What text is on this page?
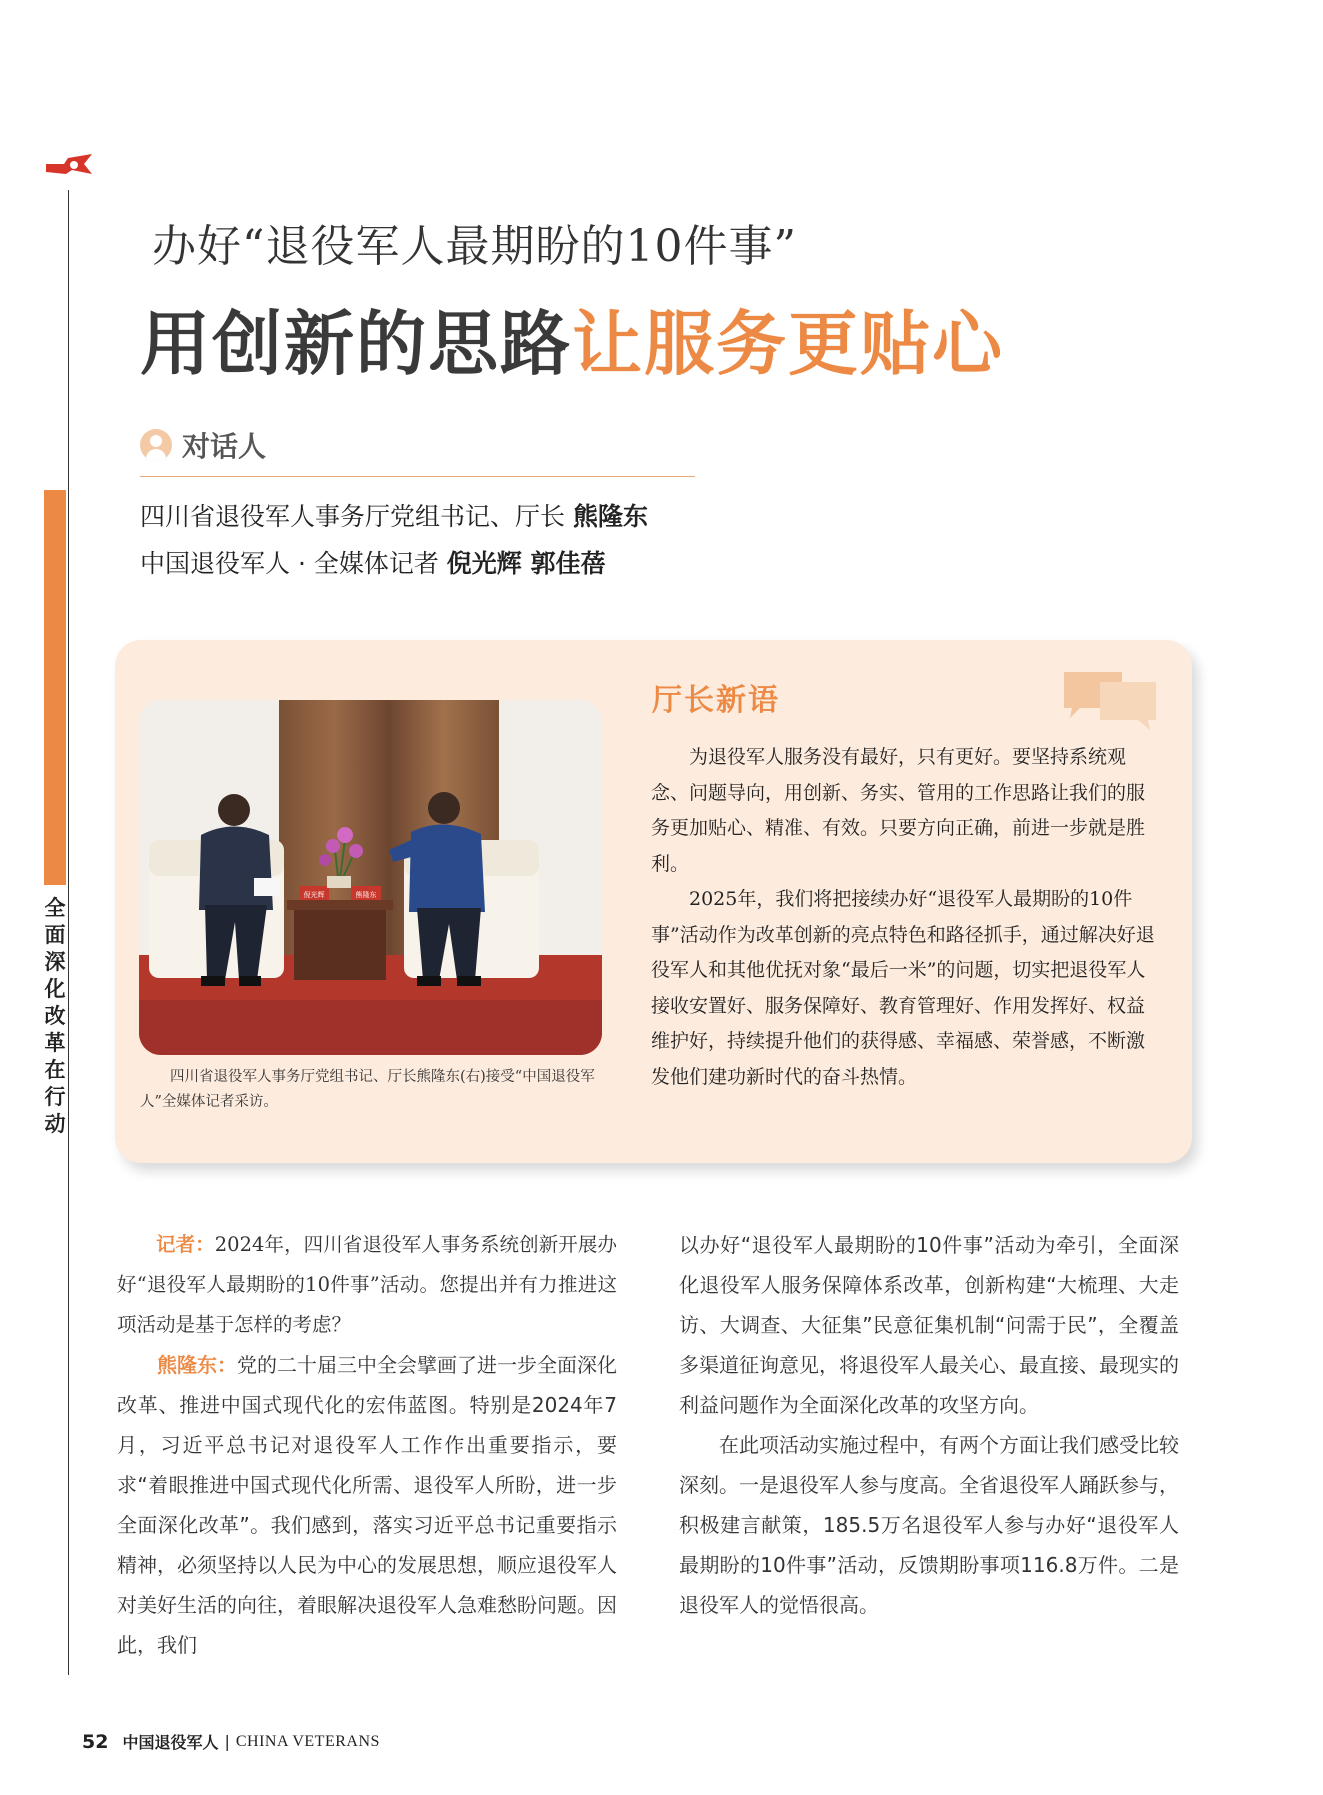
全面深化改革在行动
办好“退役军人最期盼的10件事”
用创新的思路让服务更贴心
对话人
四川省退役军人事务厅党组书记、厅长 熊隆东
中国退役军人 · 全媒体记者 倪光辉 郭佳蓓
倪光辉	熊隆东
四川省退役军人事务厅党组书记、厅长熊隆东(右)接受“中国退役军人”全媒体记者采访。
厅长新语

为退役军人服务没有最好，只有更好。要坚持系统观念、问题导向，用创新、务实、管用的工作思路让我们的服务更加贴心、精准、有效。只要方向正确，前进一步就是胜利。

2025年，我们将把接续办好“退役军人最期盼的10件事”活动作为改革创新的亮点特色和路径抓手，通过解决好退役军人和其他优抚对象“最后一米”的问题，切实把退役军人接收安置好、服务保障好、教育管理好、作用发挥好、权益维护好，持续提升他们的获得感、幸福感、荣誉感，不断激发他们建功新时代的奋斗热情。

记者：2024年，四川省退役军人事务系统创新开展办好“退役军人最期盼的10件事”活动。您提出并有力推进这项活动是基于怎样的考虑？

熊隆东：党的二十届三中全会擘画了进一步全面深化改革、推进中国式现代化的宏伟蓝图。特别是2024年7月，习近平总书记对退役军人工作作出重要指示，要求“着眼推进中国式现代化所需、退役军人所盼，进一步全面深化改革”。我们感到，落实习近平总书记重要指示精神，必须坚持以人民为中心的发展思想，顺应退役军人对美好生活的向往，着眼解决退役军人急难愁盼问题。因此，我们

以办好“退役军人最期盼的10件事”活动为牵引，全面深化退役军人服务保障体系改革，创新构建“大梳理、大走访、大调查、大征集”民意征集机制“问需于民”，全覆盖多渠道征询意见，将退役军人最关心、最直接、最现实的利益问题作为全面深化改革的攻坚方向。

在此项活动实施过程中，有两个方面让我们感受比较深刻。一是退役军人参与度高。全省退役军人踊跃参与，积极建言献策，185.5万名退役军人参与办好“退役军人最期盼的10件事”活动，反馈期盼事项116.8万件。二是退役军人的觉悟很高。

52 中国退役军人 | CHINA VETERANS
